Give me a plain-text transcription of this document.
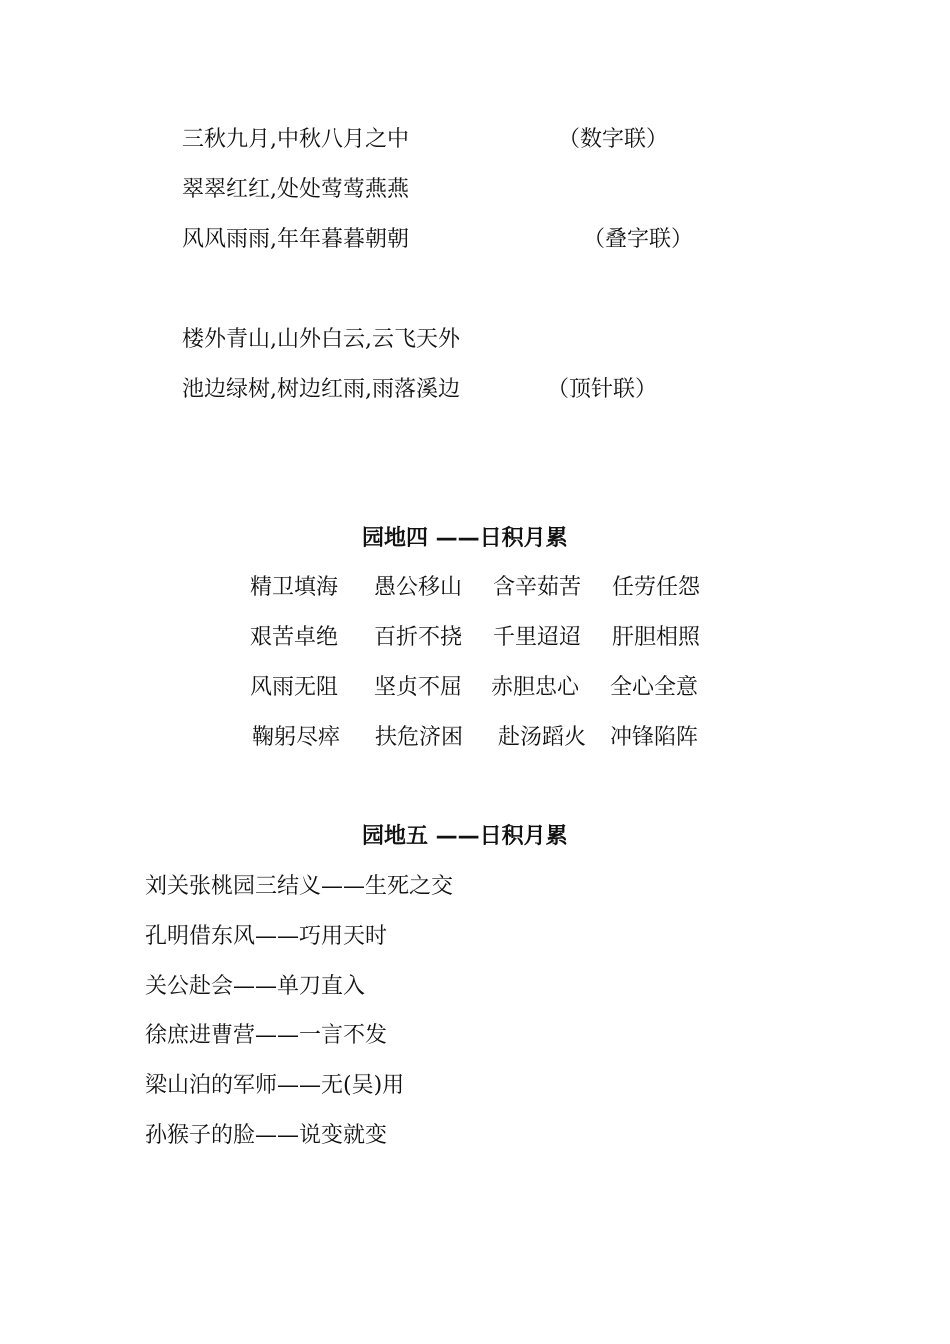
三秋九月,中秋八月之中	（数字联）
翠翠红红,处处莺莺燕燕
风风雨雨,年年暮暮朝朝	（叠字联）
楼外青山,山外白云,云飞天外
池边绿树,树边红雨,雨落溪边	（顶针联）
园地四 ——日积月累
精卫填海 愚公移山 含辛茹苦 任劳任怨
艰苦卓绝 百折不挠 千里迢迢 肝胆相照
风雨无阻 坚贞不屈 赤胆忠心 全心全意
鞠躬尽瘁 扶危济困 赴汤蹈火 冲锋陷阵
园地五 ——日积月累
刘关张桃园三结义——生死之交
孔明借东风——巧用天时
关公赴会——单刀直入
徐庶进曹营——一言不发
梁山泊的军师——无(吴)用
孙猴子的脸——说变就变
